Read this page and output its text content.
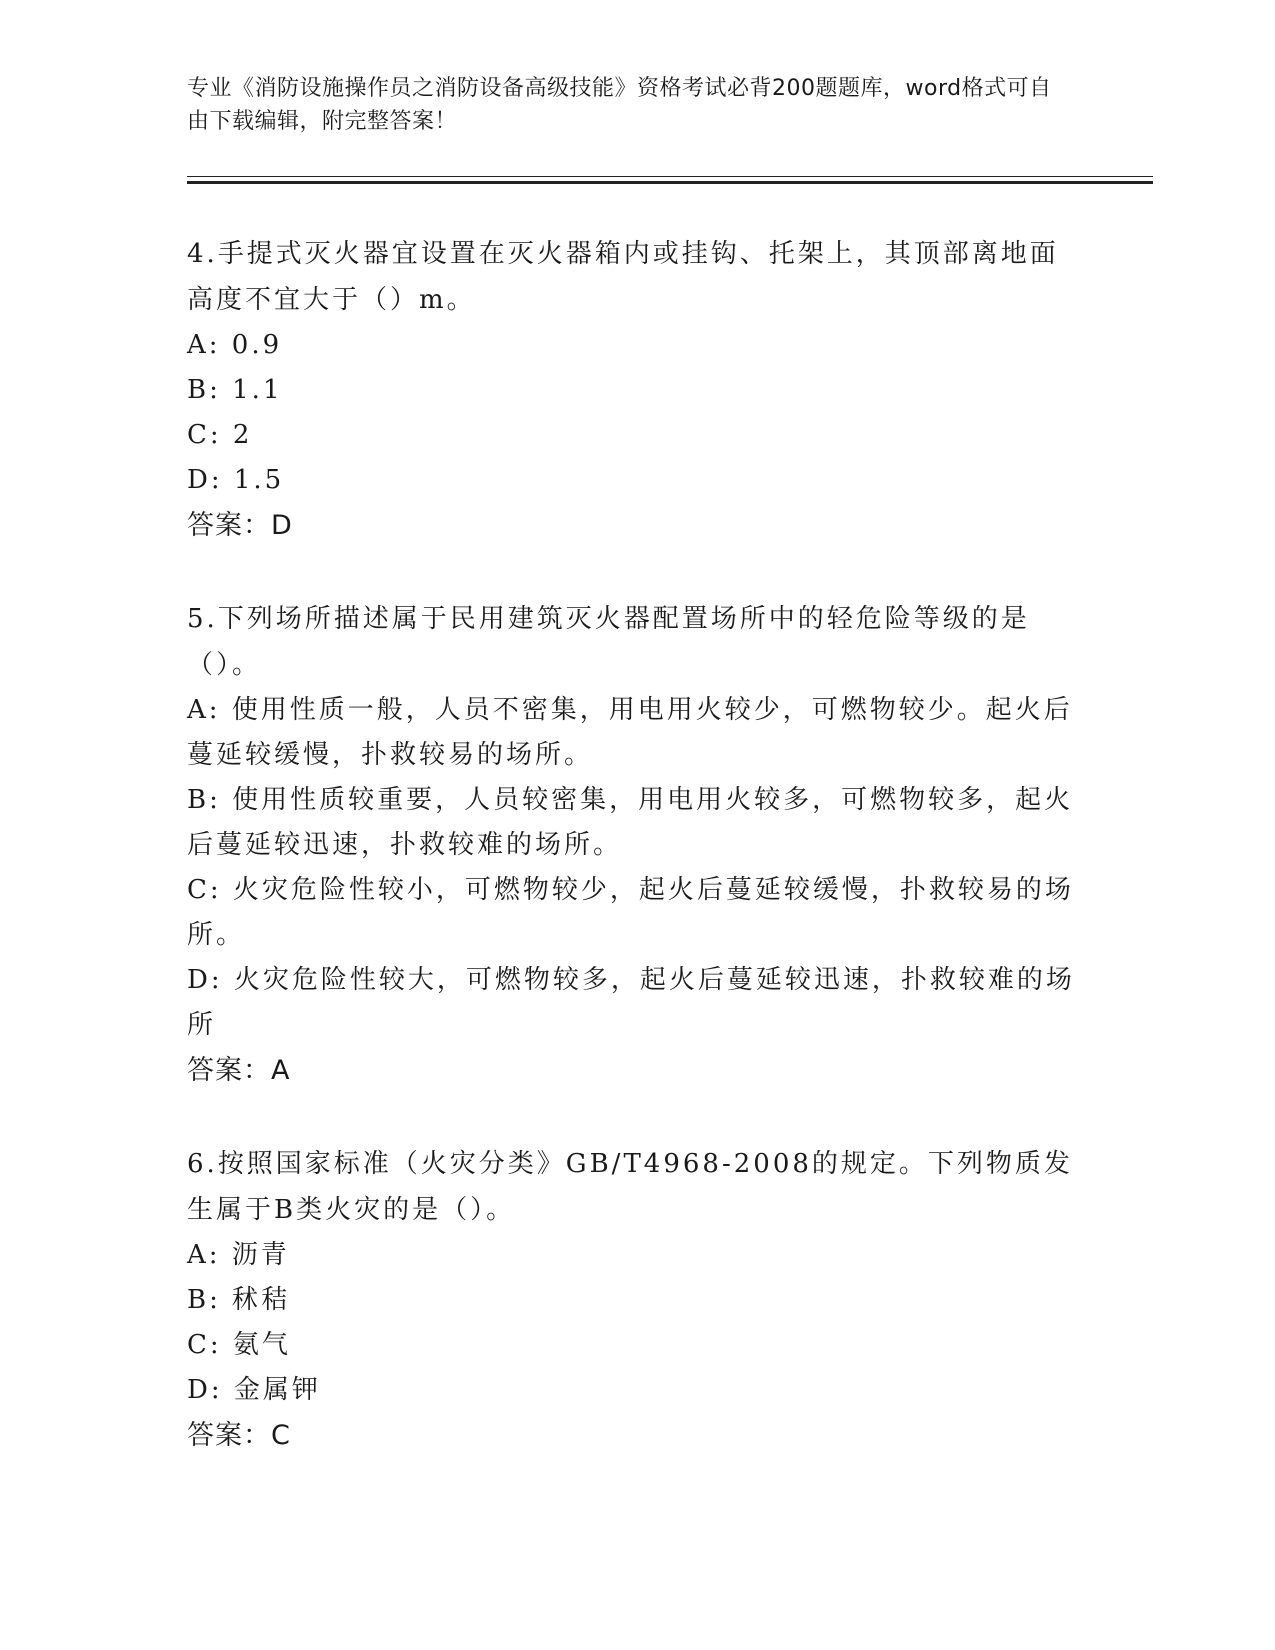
专业《消防设施操作员之消防设备高级技能》资格考试必背200题题库，word格式可自由下载编辑，附完整答案！

4.手提式灭火器宜设置在灭火器箱内或挂钩、托架上，其顶部离地面高度不宜大于（）m。

A: 0.9

B: 1.1

C: 2

D: 1.5

答案：D

5.下列场所描述属于民用建筑灭火器配置场所中的轻危险等级的是（）。

A: 使用性质一般，人员不密集，用电用火较少，可燃物较少。起火后蔓延较缓慢，扑救较易的场所。

B: 使用性质较重要，人员较密集，用电用火较多，可燃物较多，起火后蔓延较迅速，扑救较难的场所。

C: 火灾危险性较小，可燃物较少，起火后蔓延较缓慢，扑救较易的场所。

D: 火灾危险性较大，可燃物较多，起火后蔓延较迅速，扑救较难的场所

答案：A

6.按照国家标准（火灾分类》GB/T4968-2008的规定。下列物质发生属于B类火灾的是（）。

A: 沥青

B: 秫秸

C: 氨气

D: 金属钾

答案：C
